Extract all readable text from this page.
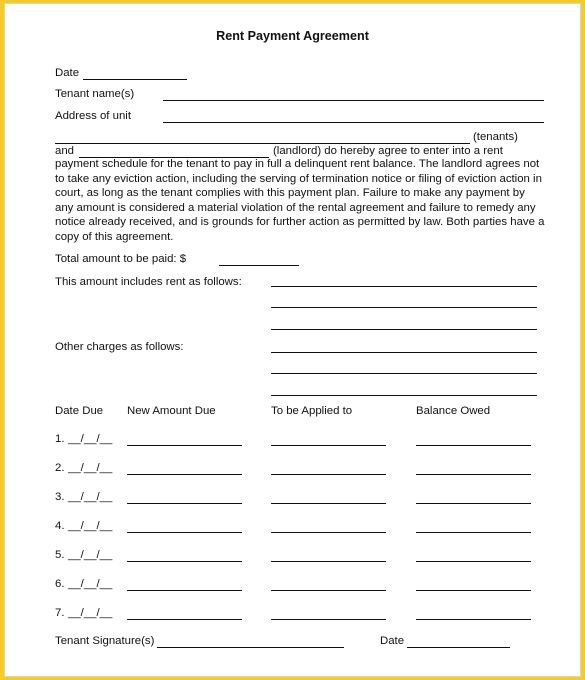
Rent Payment Agreement
Date
Tenant name(s)
Address of unit
(tenants)
and	(landlord) do hereby agree to enter into a rent
payment schedule for the tenant to pay in full a delinquent rent balance. The landlord agrees not to take any eviction action, including the serving of termination notice or filing of eviction action in court, as long as the tenant complies with this payment plan. Failure to make any payment by any amount is considered a material violation of the rental agreement and failure to remedy any notice already received, and is grounds for further action as permitted by law. Both parties have a copy of this agreement.
Total amount to be paid: $
This amount includes rent as follows:
Other charges as follows:
Date Due New Amount Due	To be Applied to	Balance Owed
1. __/__/__
2. __/__/__
3. __/__/__
4. __/__/__
5. __/__/__
6. __/__/__
7. __/__/__
Tenant Signature(s)	Date
